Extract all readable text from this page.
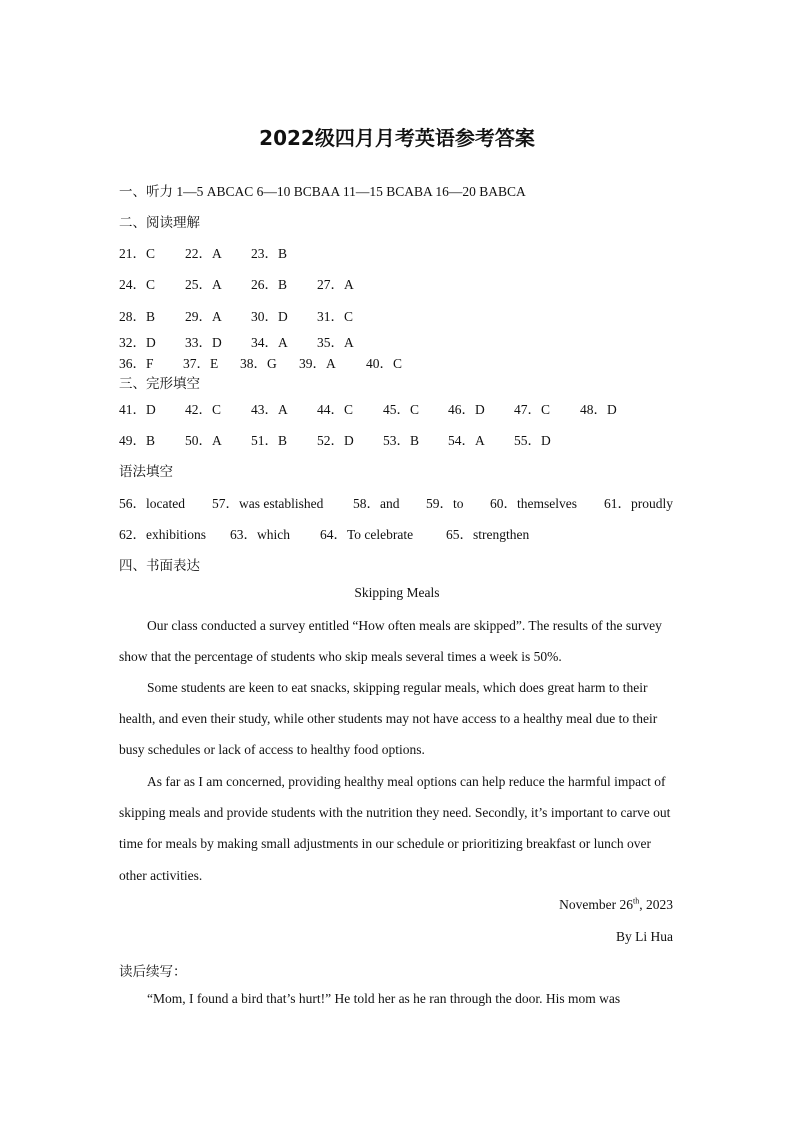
2022级四月月考英语参考答案
一、听力 1—5 ABCAC 6—10 BCBAA 11—15 BCABA 16—20 BABCA
二、阅读理解
21．C 22．A 23．B
24．C 25．A 26．B 27．A
28．B 29．A 30．D 31．C
32．D 33．D 34．A 35．A
36．F 37．E 38．G 39．A 40．C
三、完形填空
41．D 42．C 43．A 44．C 45．C 46．D 47．C 48．D
49．B 50．A 51．B 52．D 53．B 54．A 55．D
语法填空
56．located 57．was established 58．and 59．to 60．themselves 61．proudly
62．exhibitions 63．which 64．To celebrate 65．strengthen
四、书面表达
Skipping Meals
Our class conducted a survey entitled “How often meals are skipped”. The results of the survey show that the percentage of students who skip meals several times a week is 50%.
Some students are keen to eat snacks, skipping regular meals, which does great harm to their health, and even their study, while other students may not have access to a healthy meal due to their busy schedules or lack of access to healthy food options.
As far as I am concerned, providing healthy meal options can help reduce the harmful impact of skipping meals and provide students with the nutrition they need. Secondly, it’s important to carve out time for meals by making small adjustments in our schedule or prioritizing breakfast or lunch over other activities.
November 26th, 2023
By Li Hua
读后续写：
“Mom, I found a bird that’s hurt!” He told her as he ran through the door. His mom was
